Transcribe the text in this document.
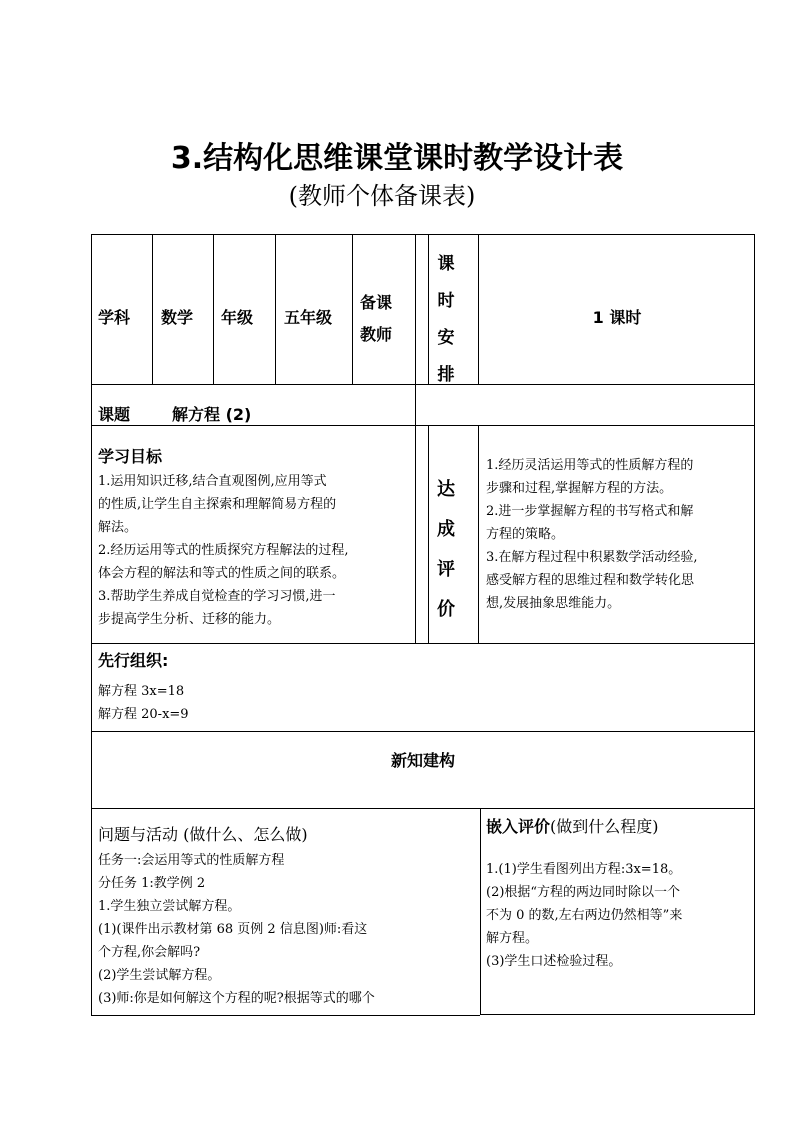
3.结构化思维课堂课时教学设计表
(教师个体备课表)
学科 数学 年级 五年级
备课
教师
课
时
安
排
1 课时
课题	解方程 (2)
学习目标
1.运用知识迁移,结合直观图例,应用等式
的性质,让学生自主探索和理解简易方程的
解法。
2.经历运用等式的性质探究方程解法的过程,
体会方程的解法和等式的性质之间的联系。
3.帮助学生养成自觉检查的学习习惯,进一
步提高学生分析、迁移的能力。
达
成
评
价
1.经历灵活运用等式的性质解方程的
步骤和过程,掌握解方程的方法。
2.进一步掌握解方程的书写格式和解
方程的策略。
3.在解方程过程中积累数学活动经验,
感受解方程的思维过程和数学转化思
想,发展抽象思维能力。
先行组织:
解方程 3x=18
解方程 20-x=9
新知建构
问题与活动 (做什么、怎么做)
任务一:会运用等式的性质解方程
分任务 1:教学例 2
1.学生独立尝试解方程。
(1)(课件出示教材第 68 页例 2 信息图)师:看这
个方程,你会解吗?
(2)学生尝试解方程。
(3)师:你是如何解这个方程的呢?根据等式的哪个
嵌入评价(做到什么程度)
1.(1)学生看图列出方程:3x=18。
(2)根据“方程的两边同时除以一个
不为 0 的数,左右两边仍然相等”来
解方程。
(3)学生口述检验过程。
